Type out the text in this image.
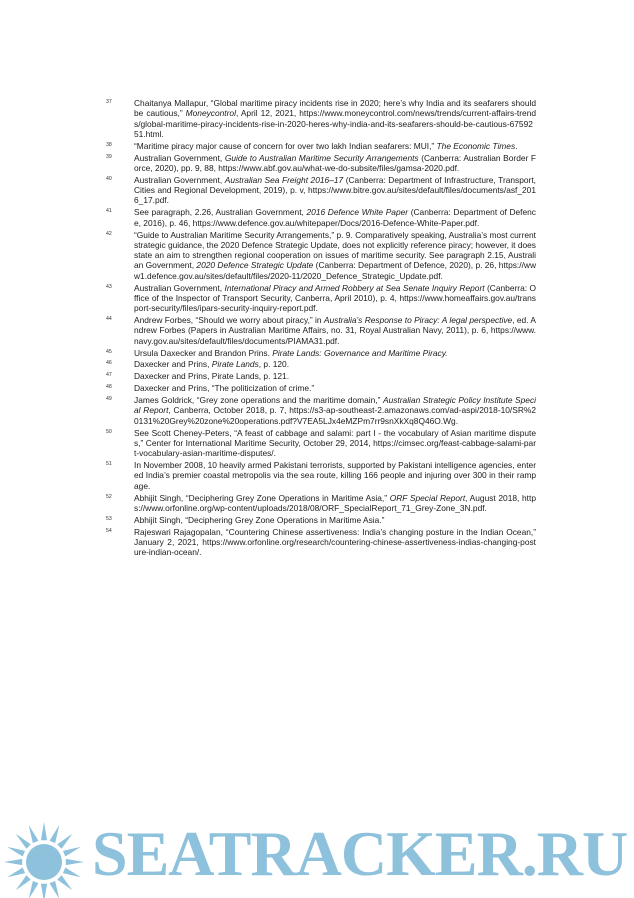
37	Chaitanya Mallapur, “Global maritime piracy incidents rise in 2020; here’s why India and its seafarers should be cautious,” Moneycontrol, April 12, 2021, https://www.moneycontrol.com/news/trends/current-affairs-trends/global-maritime-piracy-incidents-rise-in-2020-heres-why-india-and-its-seafarers-should-be-cautious-6759251.html.
38	“Maritime piracy major cause of concern for over two lakh Indian seafarers: MUI,” The Economic Times.
39	Australian Government, Guide to Australian Maritime Security Arrangements (Canberra: Australian Border Force, 2020), pp. 9, 88, https://www.abf.gov.au/what-we-do-subsite/files/gamsa-2020.pdf.
40	Australian Government, Australian Sea Freight 2016–17 (Canberra: Department of Infrastructure, Transport, Cities and Regional Development, 2019), p. v, https://www.bitre.gov.au/sites/default/files/documents/asf_2016_17.pdf.
41	See paragraph, 2.26, Australian Government, 2016 Defence White Paper (Canberra: Department of Defence, 2016), p. 46, https://www.defence.gov.au/whitepaper/Docs/2016-Defence-White-Paper.pdf.
42	“Guide to Australian Maritime Security Arrangements,” p. 9. Comparatively speaking, Australia’s most current strategic guidance, the 2020 Defence Strategic Update, does not explicitly reference piracy; however, it does state an aim to strengthen regional cooperation on issues of maritime security. See paragraph 2.15, Australian Government, 2020 Defence Strategic Update (Canberra: Department of Defence, 2020), p. 26, https://www1.defence.gov.au/sites/default/files/2020-11/2020_Defence_Strategic_Update.pdf.
43	Australian Government, International Piracy and Armed Robbery at Sea Senate Inquiry Report (Canberra: Office of the Inspector of Transport Security, Canberra, April 2010), p. 4, https://www.homeaffairs.gov.au/transport-security/files/ipars-security-inquiry-report.pdf.
44	Andrew Forbes, “Should we worry about piracy,” in Australia’s Response to Piracy: A legal perspective, ed. Andrew Forbes (Papers in Australian Maritime Affairs, no. 31, Royal Australian Navy, 2011), p. 6, https://www.navy.gov.au/sites/default/files/documents/PIAMA31.pdf.
45	Ursula Daxecker and Brandon Prins. Pirate Lands: Governance and Maritime Piracy.
46	Daxecker and Prins, Pirate Lands, p. 120.
47	Daxecker and Prins, Pirate Lands, p. 121.
48	Daxecker and Prins, “The politicization of crime.”
49	James Goldrick, “Grey zone operations and the maritime domain,” Australian Strategic Policy Institute Special Report, Canberra, October 2018, p. 7, https://s3-ap-southeast-2.amazonaws.com/ad-aspi/2018-10/SR%20131%20Grey%20zone%20operations.pdf?V7EA5LJx4eMZPm7rr9snXkXq8Q46O.Wg.
50	See Scott Cheney-Peters, “A feast of cabbage and salami: part I - the vocabulary of Asian maritime disputes,” Center for International Maritime Security, October 29, 2014, https://cimsec.org/feast-cabbage-salami-part-vocabulary-asian-maritime-disputes/.
51	In November 2008, 10 heavily armed Pakistani terrorists, supported by Pakistani intelligence agencies, entered India’s premier coastal metropolis via the sea route, killing 166 people and injuring over 300 in their rampage.
52	Abhijit Singh, “Deciphering Grey Zone Operations in Maritime Asia,” ORF Special Report, August 2018, https://www.orfonline.org/wp-content/uploads/2018/08/ORF_SpecialReport_71_Grey-Zone_3N.pdf.
53	Abhijit Singh, “Deciphering Grey Zone Operations in Maritime Asia.”
54	Rajeswari Rajagopalan, “Countering Chinese assertiveness: India’s changing posture in the Indian Ocean,” January 2, 2021, https://www.orfonline.org/research/countering-chinese-assertiveness-indias-changing-posture-indian-ocean/.
SEATRACKER.RU
